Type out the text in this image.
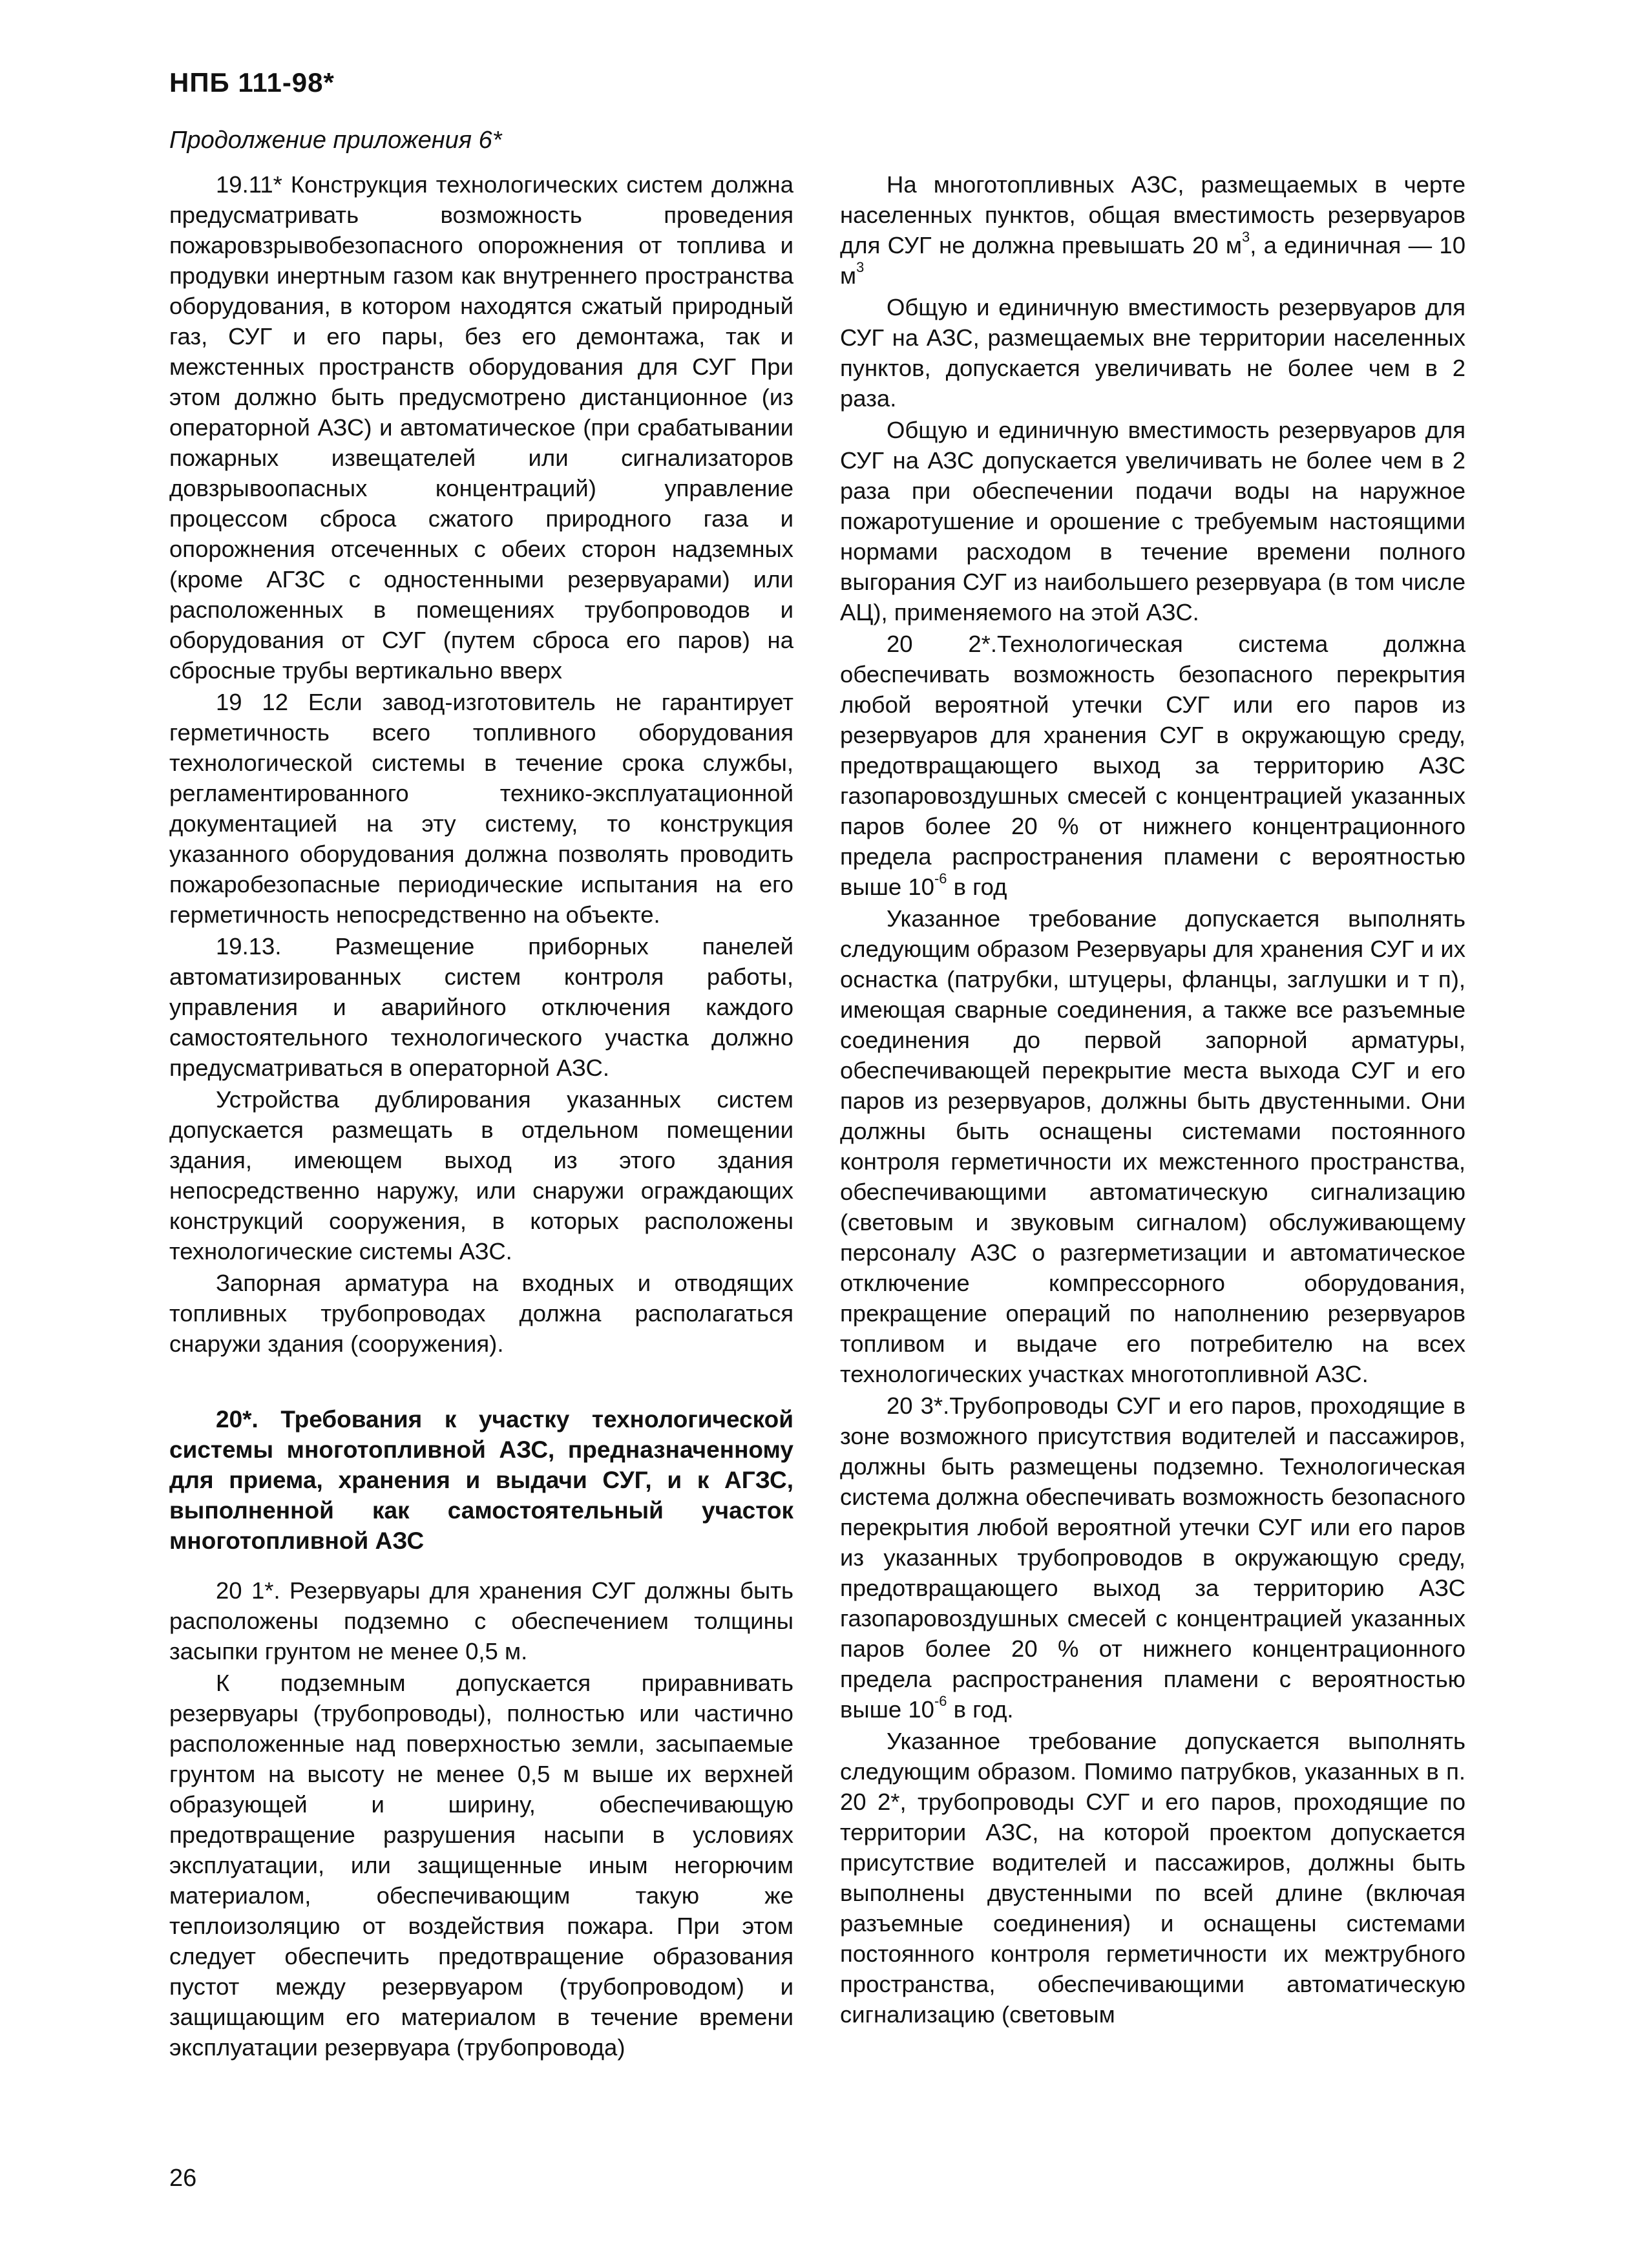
НПБ 111-98*
Продолжение приложения 6*

19.11* Конструкция технологических систем должна предусматривать возможность проведения пожаровзрывобезопасного опорожнения от топлива и продувки инертным газом как внутреннего пространства оборудования, в котором находятся сжатый природный газ, СУГ и его пары, без его демонтажа, так и межстенных пространств оборудования для СУГ При этом должно быть предусмотрено дистанционное (из операторной АЗС) и автоматическое (при срабатывании пожарных извещателей или сигнализаторов довзрывоопасных концентраций) управление процессом сброса сжатого природного газа и опорожнения отсеченных с обеих сторон надземных (кроме АГЗС с одностенными резервуарами) или расположенных в помещениях трубопроводов и оборудования от СУГ (путем сброса его паров) на сбросные трубы вертикально вверх

19 12 Если завод-изготовитель не гарантирует герметичность всего топливного оборудования технологической системы в течение срока службы, регламентированного технико-эксплуатационной документацией на эту систему, то конструкция указанного оборудования должна позволять проводить пожаробезопасные периодические испытания на его герметичность непосредственно на объекте.

19.13. Размещение приборных панелей автоматизированных систем контроля работы, управления и аварийного отключения каждого самостоятельного технологического участка должно предусматриваться в операторной АЗС.

Устройства дублирования указанных систем допускается размещать в отдельном помещении здания, имеющем выход из этого здания непосредственно наружу, или снаружи ограждающих конструкций сооружения, в которых расположены технологические системы АЗС.

Запорная арматура на входных и отводящих топливных трубопроводах должна располагаться снаружи здания (сооружения).

20*. Требования к участку технологической системы многотопливной АЗС, предназначенному для приема, хранения и выдачи СУГ, и к АГЗС, выполненной как самостоятельный участок многотопливной АЗС

20 1*. Резервуары для хранения СУГ должны быть расположены подземно с обеспечением толщины засыпки грунтом не менее 0,5 м.

К подземным допускается приравнивать резервуары (трубопроводы), полностью или частично расположенные над поверхностью земли, засыпаемые грунтом на высоту не менее 0,5 м выше их верхней образующей и ширину, обеспечивающую предотвращение разрушения насыпи в условиях эксплуатации, или защищенные иным негорючим материалом, обеспечивающим такую же теплоизоляцию от воздействия пожара. При этом следует обеспечить предотвращение образования пустот между резервуаром (трубопроводом) и защищающим его материалом в течение времени эксплуатации резервуара (трубопровода)

На многотопливных АЗС, размещаемых в черте населенных пунктов, общая вместимость резервуаров для СУГ не должна превышать 20 $м^3$, а единичная — 10 $м^3$

Общую и единичную вместимость резервуаров для СУГ на АЗС, размещаемых вне территории населенных пунктов, допускается увеличивать не более чем в 2 раза.

Общую и единичную вместимость резервуаров для СУГ на АЗС допускается увеличивать не более чем в 2 раза при обеспечении подачи воды на наружное пожаротушение и орошение с требуемым настоящими нормами расходом в течение времени полного выгорания СУГ из наибольшего резервуара (в том числе АЦ), применяемого на этой АЗС.

20 2*.Технологическая система должна обеспечивать возможность безопасного перекрытия любой вероятной утечки СУГ или его паров из резервуаров для хранения СУГ в окружающую среду, предотвращающего выход за территорию АЗС газопаровоздушных смесей с концентрацией указанных паров более 20 % от нижнего концентрационного предела распространения пламени с вероятностью выше $10^{-6}$ в год

Указанное требование допускается выполнять следующим образом Резервуары для хранения СУГ и их оснастка (патрубки, штуцеры, фланцы, заглушки и т п), имеющая сварные соединения, а также все разъемные соединения до первой запорной арматуры, обеспечивающей перекрытие места выхода СУГ и его паров из резервуаров, должны быть двустенными. Они должны быть оснащены системами постоянного контроля герметичности их межстенного пространства, обеспечивающими автоматическую сигнализацию (световым и звуковым сигналом) обслуживающему персоналу АЗС о разгерметизации и автоматическое отключение компрессорного оборудования, прекращение операций по наполнению резервуаров топливом и выдаче его потребителю на всех технологических участках многотопливной АЗС.

20 3*.Трубопроводы СУГ и его паров, проходящие в зоне возможного присутствия водителей и пассажиров, должны быть размещены подземно. Технологическая система должна обеспечивать возможность безопасного перекрытия любой вероятной утечки СУГ или его паров из указанных трубопроводов в окружающую среду, предотвращающего выход за территорию АЗС газопаровоздушных смесей с концентрацией указанных паров более 20 % от нижнего концентрационного предела распространения пламени с вероятностью выше $10^{-6}$ в год.

Указанное требование допускается выполнять следующим образом. Помимо патрубков, указанных в п. 20 2*, трубопроводы СУГ и его паров, проходящие по территории АЗС, на которой проектом допускается присутствие водителей и пассажиров, должны быть выполнены двустенными по всей длине (включая разъемные соединения) и оснащены системами постоянного контроля герметичности их межтрубного пространства, обеспечивающими автоматическую сигнализацию (световым

26
